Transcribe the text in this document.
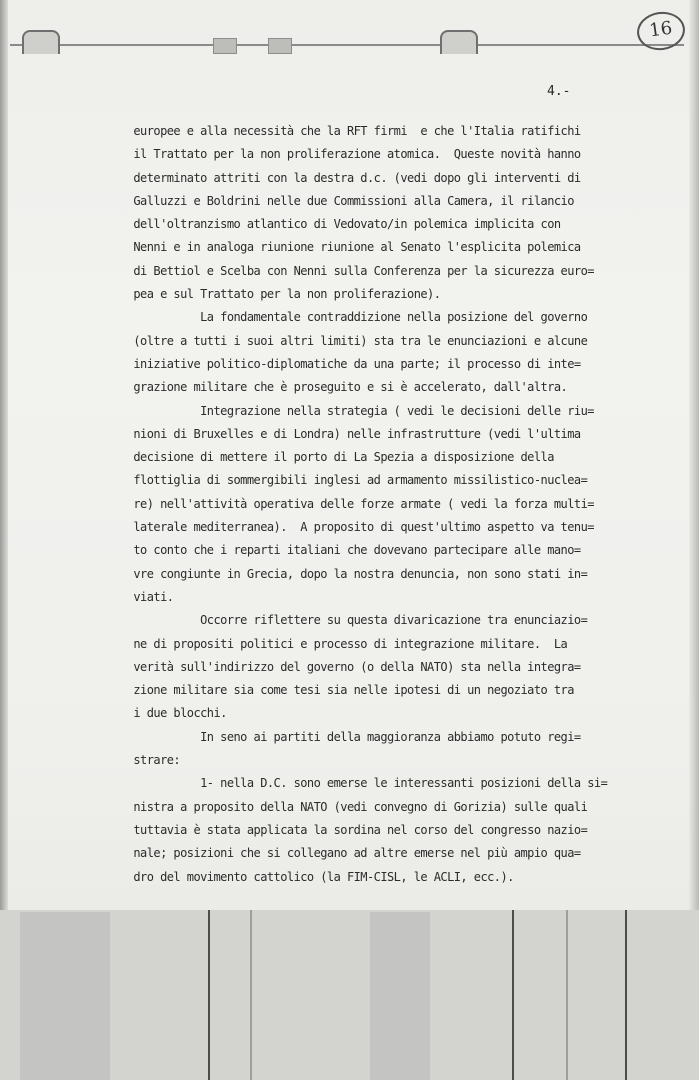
16
4.-
europee e alla necessità che la RFT firmi  e che l'Italia ratifichi
il Trattato per la non proliferazione atomica.  Queste novità hanno
determinato attriti con la destra d.c. (vedi dopo gli interventi di
Galluzzi e Boldrini nelle due Commissioni alla Camera, il rilancio
dell'oltranzismo atlantico di Vedovato/in polemica implicita con
Nenni e in analoga riunione riunione al Senato l'esplicita polemica
di Bettiol e Scelba con Nenni sulla Conferenza per la sicurezza euro=
pea e sul Trattato per la non proliferazione).
La fondamentale contraddizione nella posizione del governo
(oltre a tutti i suoi altri limiti) sta tra le enunciazioni e alcune
iniziative politico-diplomatiche da una parte; il processo di inte=
grazione militare che è proseguito e si è accelerato, dall'altra.
Integrazione nella strategia ( vedi le decisioni delle riu=
nioni di Bruxelles e di Londra) nelle infrastrutture (vedi l'ultima
decisione di mettere il porto di La Spezia a disposizione della
flottiglia di sommergibili inglesi ad armamento missilistico-nuclea=
re) nell'attività operativa delle forze armate ( vedi la forza multi=
laterale mediterranea).  A proposito di quest'ultimo aspetto va tenu=
to conto che i reparti italiani che dovevano partecipare alle mano=
vre congiunte in Grecia, dopo la nostra denuncia, non sono stati in=
viati.
Occorre riflettere su questa divaricazione tra enunciazio=
ne di propositi politici e processo di integrazione militare.  La
verità sull'indirizzo del governo (o della NATO) sta nella integra=
zione militare sia come tesi sia nelle ipotesi di un negoziato tra
i due blocchi.
In seno ai partiti della maggioranza abbiamo potuto regi=
strare:
1- nella D.C. sono emerse le interessanti posizioni della si=
nistra a proposito della NATO (vedi convegno di Gorizia) sulle quali
tuttavia è stata applicata la sordina nel corso del congresso nazio=
nale; posizioni che si collegano ad altre emerse nel più ampio qua=
dro del movimento cattolico (la FIM-CISL, le ACLI, ecc.).
